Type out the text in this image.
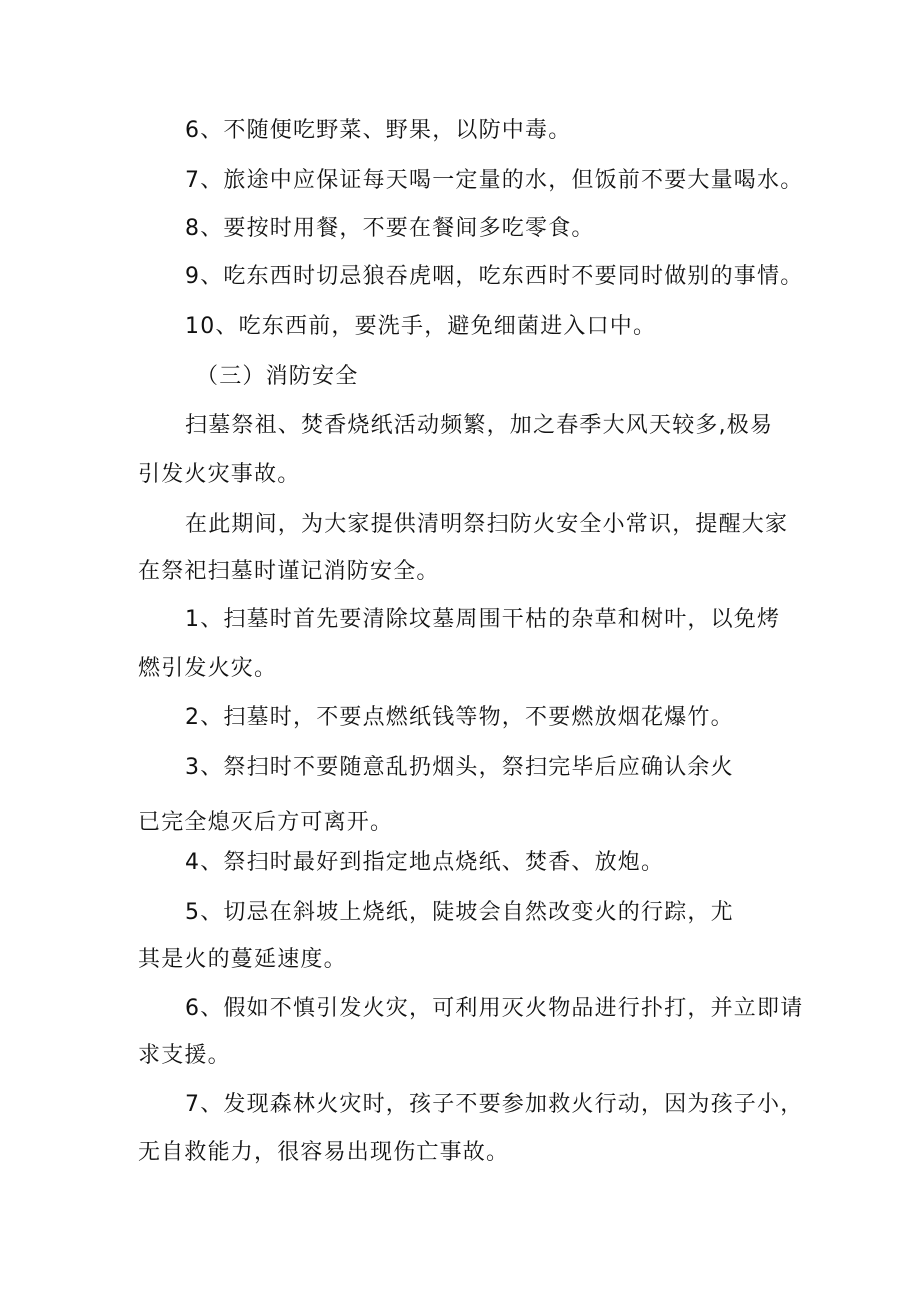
6、不随便吃野菜、野果，以防中毒。
7、旅途中应保证每天喝一定量的水，但饭前不要大量喝水。
8、要按时用餐，不要在餐间多吃零食。
9、吃东西时切忌狼吞虎咽，吃东西时不要同时做别的事情。
10、吃东西前，要洗手，避免细菌进入口中。
（三）消防安全
扫墓祭祖、焚香烧纸活动频繁，加之春季大风天较多,极易
引发火灾事故。
在此期间，为大家提供清明祭扫防火安全小常识，提醒大家
在祭祀扫墓时谨记消防安全。
1、扫墓时首先要清除坟墓周围干枯的杂草和树叶，以免烤
燃引发火灾。
2、扫墓时，不要点燃纸钱等物，不要燃放烟花爆竹。
3、祭扫时不要随意乱扔烟头，祭扫完毕后应确认余火
已完全熄灭后方可离开。
4、祭扫时最好到指定地点烧纸、焚香、放炮。
5、切忌在斜坡上烧纸，陡坡会自然改变火的行踪，尤
其是火的蔓延速度。
6、假如不慎引发火灾，可利用灭火物品进行扑打，并立即请
求支援。
7、发现森林火灾时，孩子不要参加救火行动，因为孩子小，
无自救能力，很容易出现伤亡事故。
